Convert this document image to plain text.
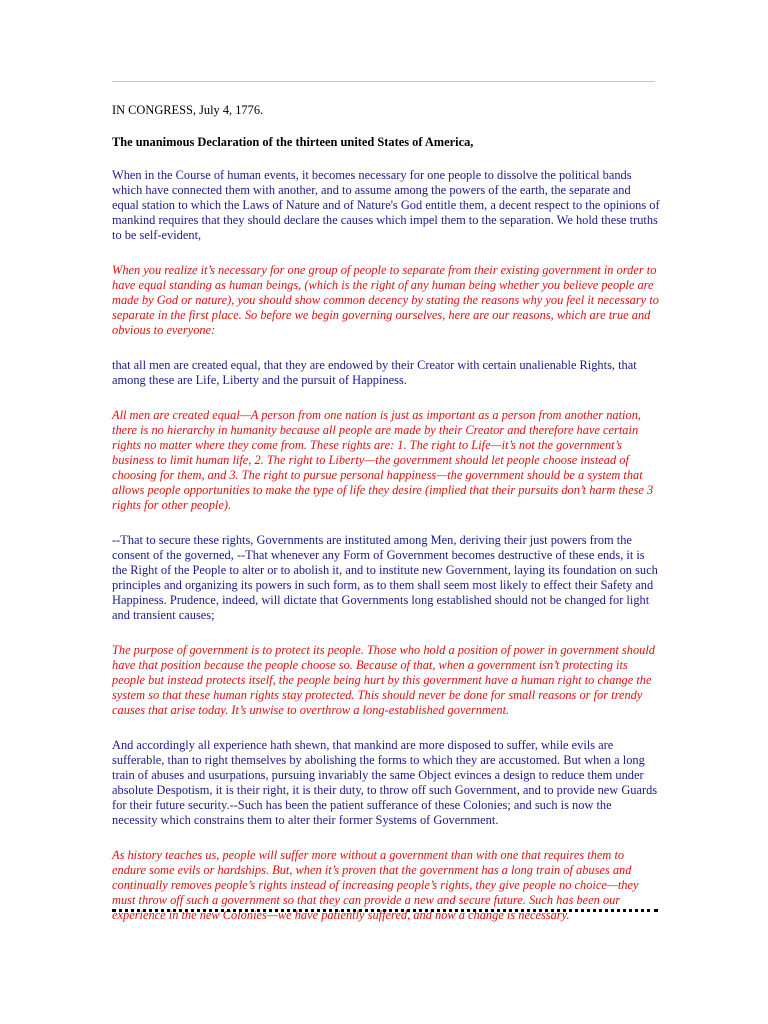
IN CONGRESS, July 4, 1776.

The unanimous Declaration of the thirteen united States of America,

When in the Course of human events, it becomes necessary for one people to dissolve the political bands which have connected them with another, and to assume among the powers of the earth, the separate and equal station to which the Laws of Nature and of Nature's God entitle them, a decent respect to the opinions of mankind requires that they should declare the causes which impel them to the separation. We hold these truths to be self-evident,

When you realize it’s necessary for one group of people to separate from their existing government in order to have equal standing as human beings, (which is the right of any human being whether you believe people are made by God or nature), you should show common decency by stating the reasons why you feel it necessary to separate in the first place. So before we begin governing ourselves, here are our reasons, which are true and obvious to everyone:

that all men are created equal, that they are endowed by their Creator with certain unalienable Rights, that among these are Life, Liberty and the pursuit of Happiness.

All men are created equal—A person from one nation is just as important as a person from another nation, there is no hierarchy in humanity because all people are made by their Creator and therefore have certain rights no matter where they come from. These rights are: 1. The right to Life—it’s not the government’s business to limit human life, 2. The right to Liberty—the government should let people choose instead of choosing for them, and 3. The right to pursue personal happiness—the government should be a system that allows people opportunities to make the type of life they desire (implied that their pursuits don’t harm these 3 rights for other people).

--That to secure these rights, Governments are instituted among Men, deriving their just powers from the consent of the governed, --That whenever any Form of Government becomes destructive of these ends, it is the Right of the People to alter or to abolish it, and to institute new Government, laying its foundation on such principles and organizing its powers in such form, as to them shall seem most likely to effect their Safety and Happiness. Prudence, indeed, will dictate that Governments long established should not be changed for light and transient causes;

The purpose of government is to protect its people. Those who hold a position of power in government should have that position because the people choose so. Because of that, when a government isn’t protecting its people but instead protects itself, the people being hurt by this government have a human right to change the system so that these human rights stay protected. This should never be done for small reasons or for trendy causes that arise today. It’s unwise to overthrow a long-established government.

And accordingly all experience hath shewn, that mankind are more disposed to suffer, while evils are sufferable, than to right themselves by abolishing the forms to which they are accustomed. But when a long train of abuses and usurpations, pursuing invariably the same Object evinces a design to reduce them under absolute Despotism, it is their right, it is their duty, to throw off such Government, and to provide new Guards for their future security.--Such has been the patient sufferance of these Colonies; and such is now the necessity which constrains them to alter their former Systems of Government.

As history teaches us, people will suffer more without a government than with one that requires them to endure some evils or hardships. But, when it’s proven that the government has a long train of abuses and continually removes people’s rights instead of increasing people’s rights, they give people no choice—they must throw off such a government so that they can provide a new and secure future. Such has been our experience in the new Colonies—we have patiently suffered, and now a change is necessary.
